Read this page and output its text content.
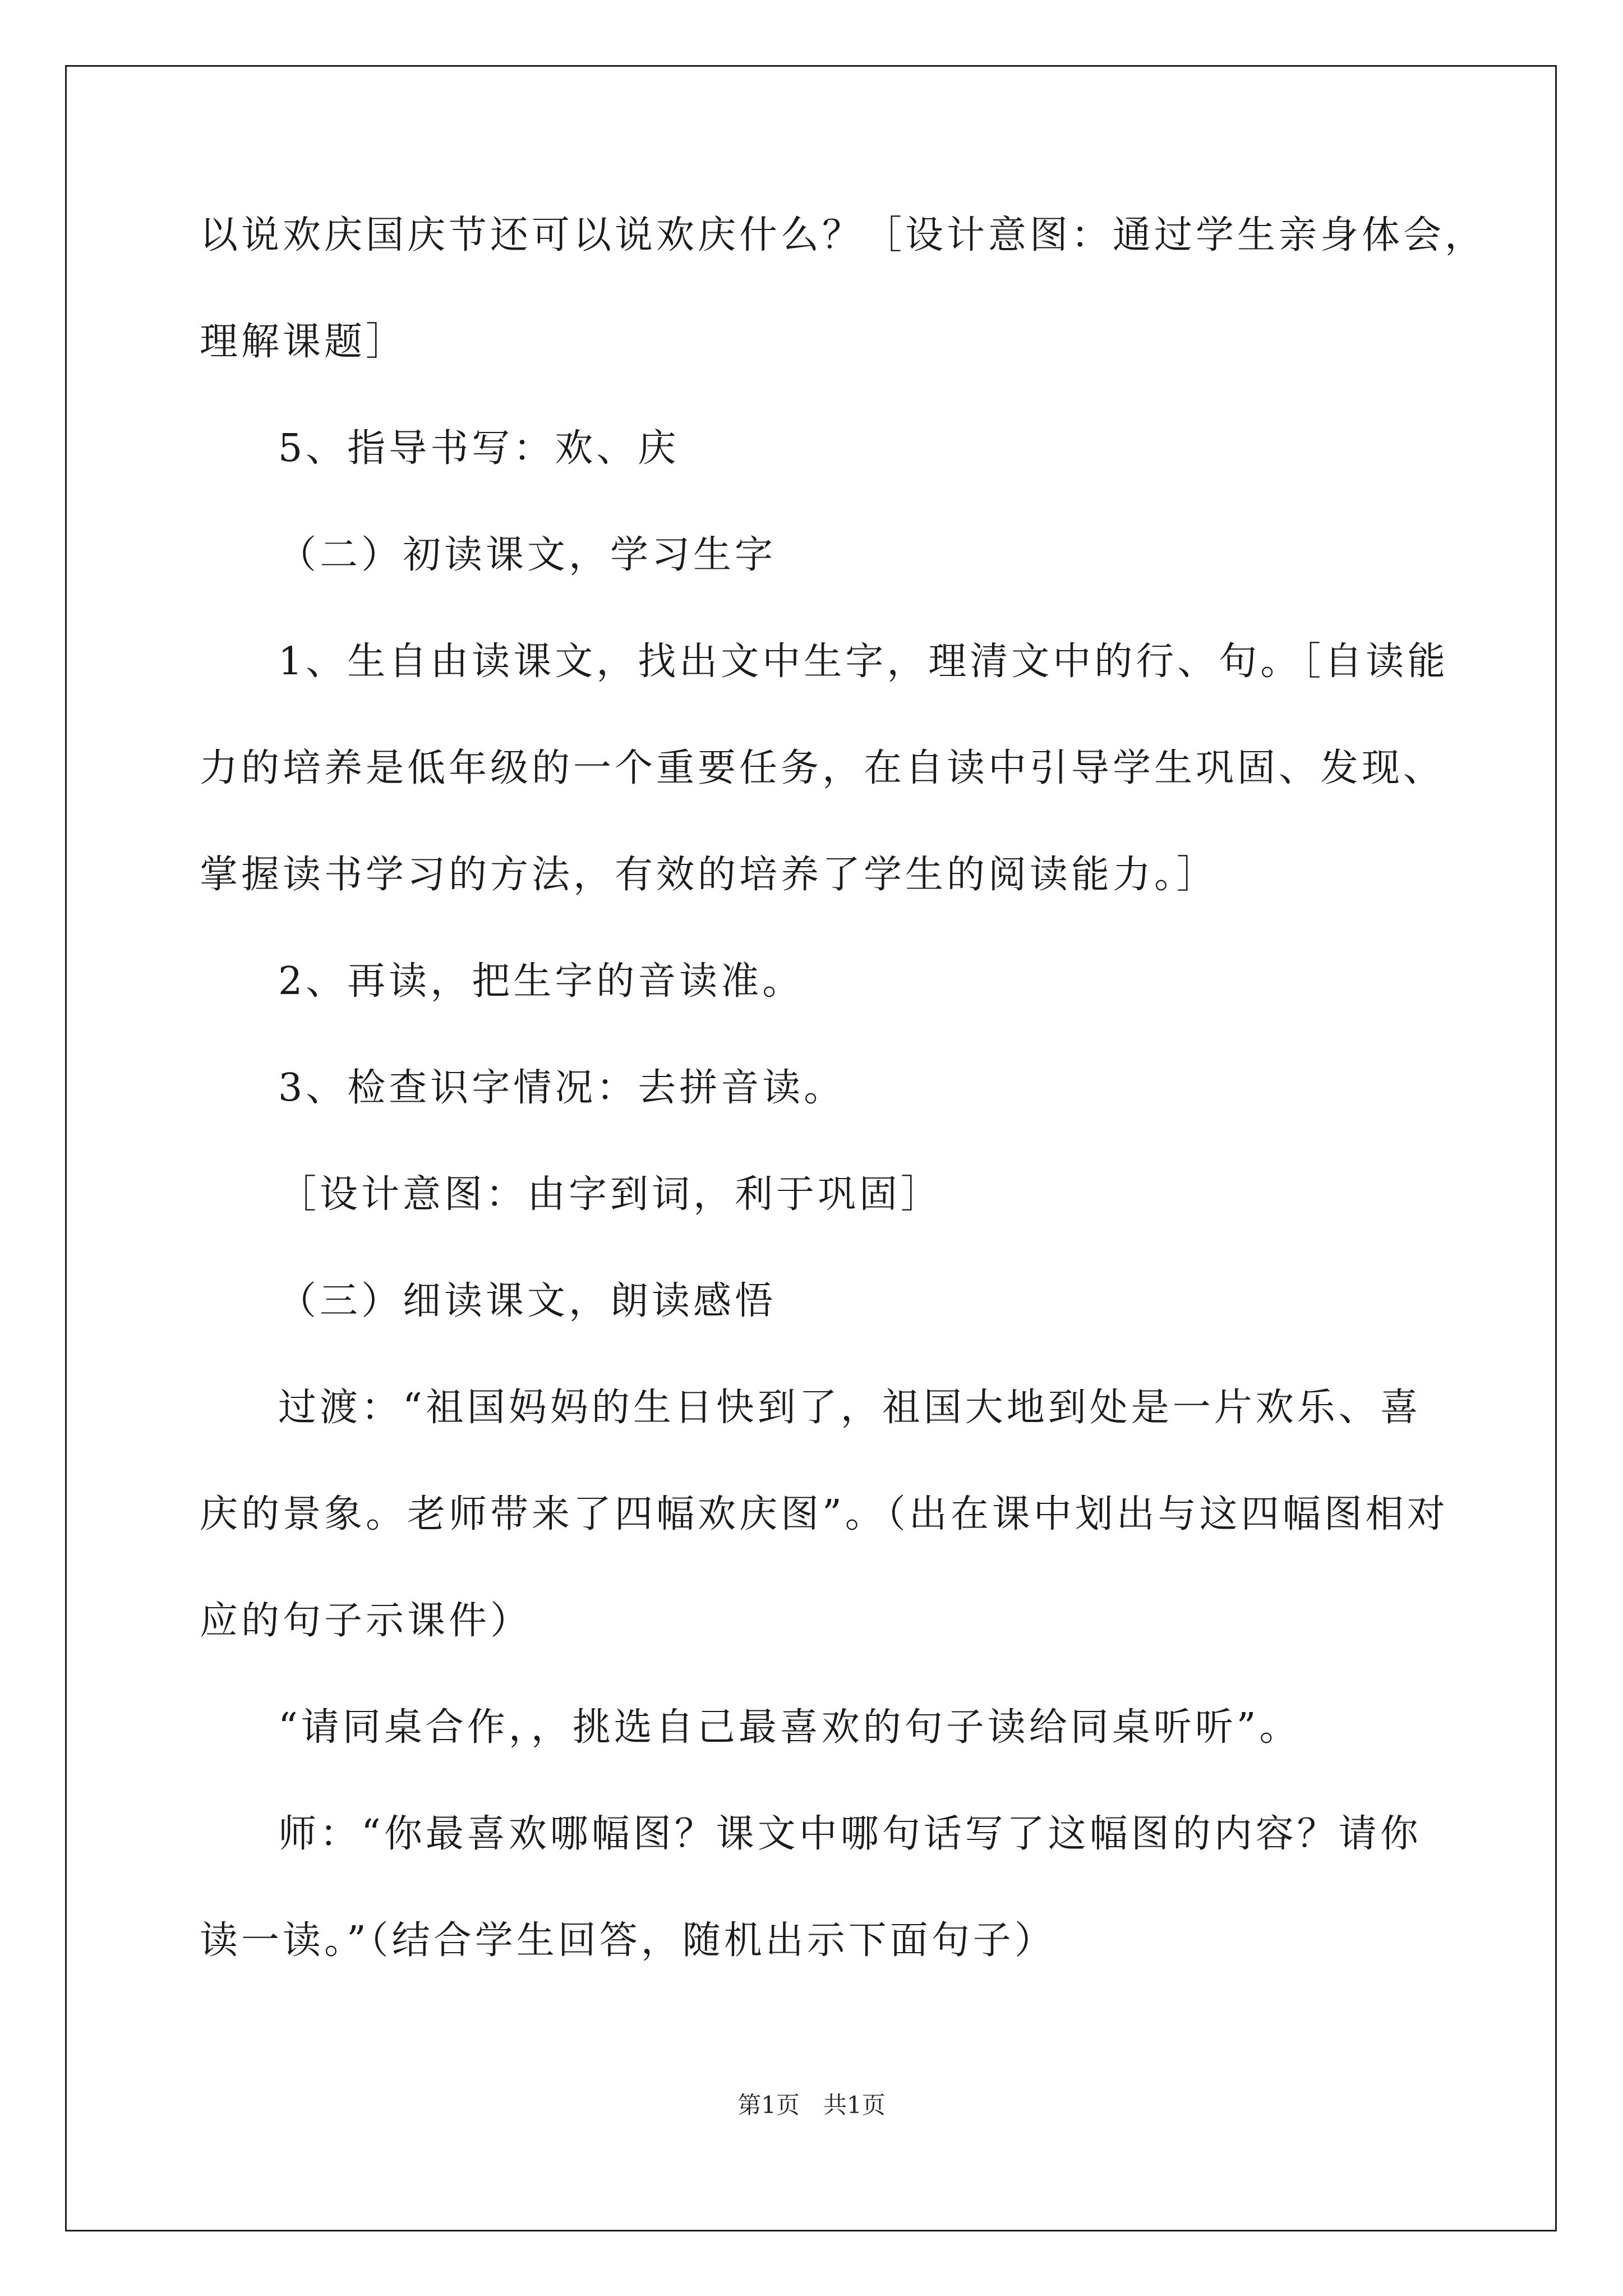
以说欢庆国庆节还可以说欢庆什么？［设计意图：通过学生亲身体会，
理解课题］
5、指导书写：欢、庆
（二）初读课文，学习生字
1、生自由读课文，找出文中生字，理清文中的行、句。［自读能
力的培养是低年级的一个重要任务，在自读中引导学生巩固、发现、
掌握读书学习的方法，有效的培养了学生的阅读能力。］
2、再读，把生字的音读准。
3、检查识字情况：去拼音读。
［设计意图：由字到词，利于巩固］
（三）细读课文，朗读感悟
过渡：“祖国妈妈的生日快到了，祖国大地到处是一片欢乐、喜
庆的景象。老师带来了四幅欢庆图”。（出在课中划出与这四幅图相对
应的句子示课件）
“请同桌合作，，挑选自己最喜欢的句子读给同桌听听”。
师：“你最喜欢哪幅图？课文中哪句话写了这幅图的内容？请你
读一读。”（结合学生回答，随机出示下面句子）
第1页　共1页
